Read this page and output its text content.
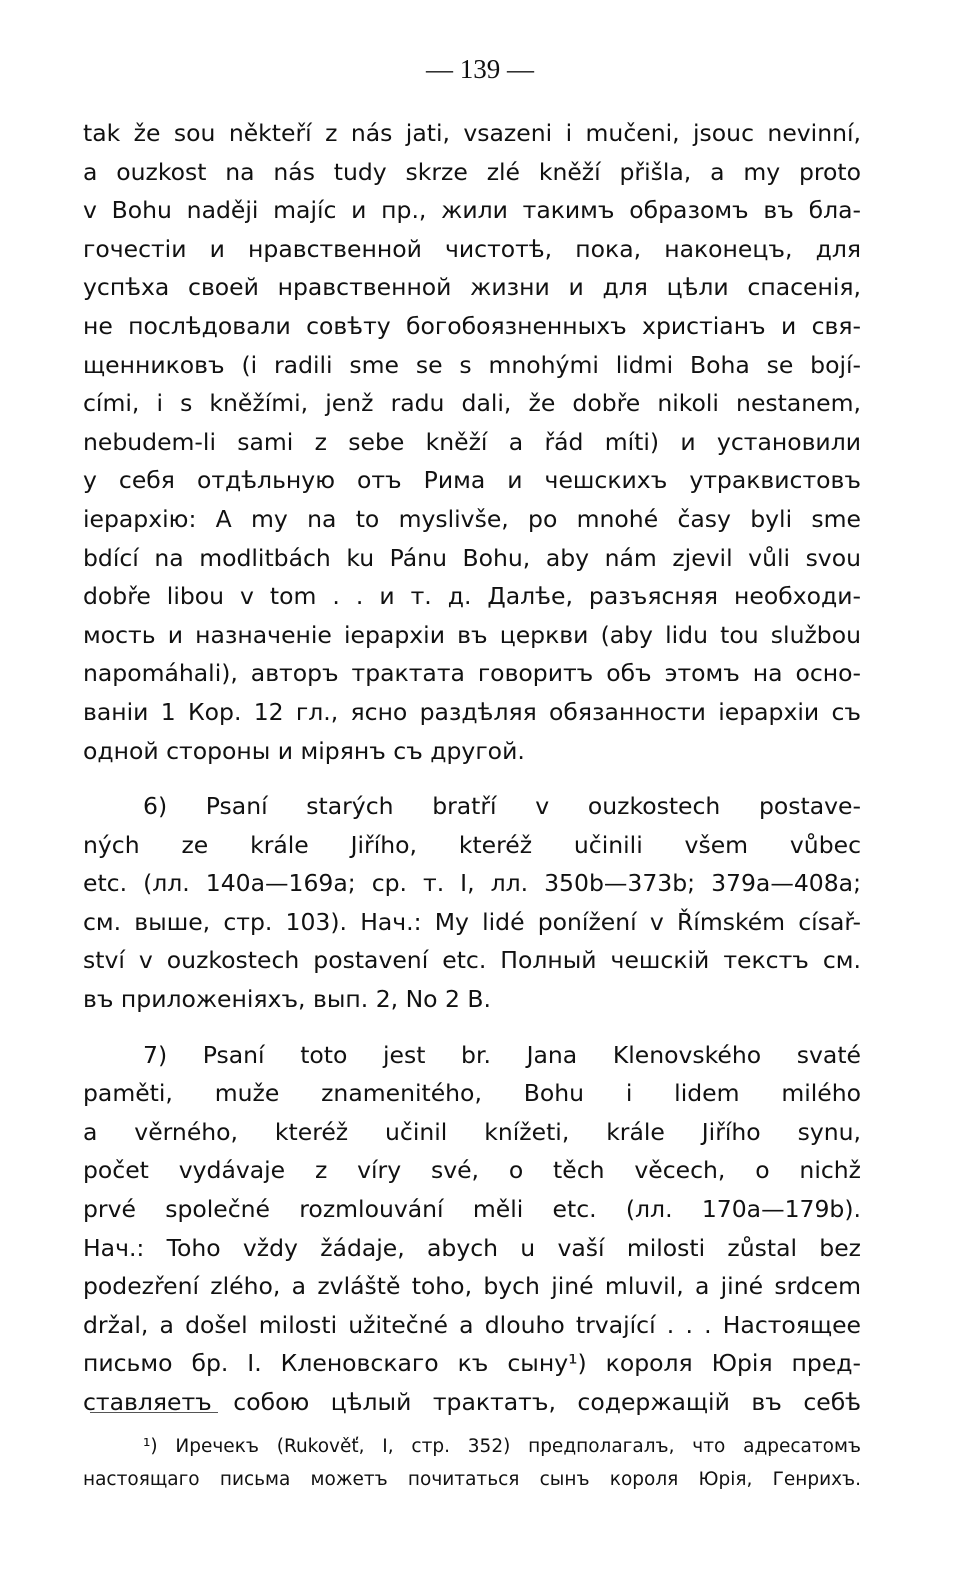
— 139 —
tak že sou někteří z nás jati, vsazeni i mučeni, jsouc nevinní,
a ouzkost na nás tudy skrze zlé kněží přišla, a my proto
v Bohu naději majíc и пр., жили такимъ образомъ въ бла-
гочестіи и нравственной чистотѣ, пока, наконецъ, для
успѣха своей нравственной жизни и для цѣли спасенія,
не послѣдовали совѣту богобоязненныхъ христіанъ и свя-
щенниковъ (i radili sme se s mnohými lidmi Boha se bojí-
cími, i s kněžími, jenž radu dali, že dobře nikoli nestanem,
nebudem-li sami z sebe kněží a řád míti) и установили
у себя отдѣльную отъ Рима и чешскихъ утраквистовъ
іерархію: A my na to myslivše, po mnohé časy byli sme
bdící na modlitbách ku Pánu Bohu, aby nám zjevil vůli svou
dobře libou v tom . . и т. д. Далѣе, разъясняя необходи-
мость и назначеніе іерархіи въ церкви (aby lidu tou službou
napomáhali), авторъ трактата говоритъ объ этомъ на осно-
ваніи 1 Кор. 12 гл., ясно раздѣляя обязанности іерархіи съ
одной стороны и мірянъ съ другой.
6) Psaní starých bratří v ouzkostech postave-
ných ze krále Jiřího, kteréž učinili všem vůbec
etc. (лл. 140a—169a; ср. т. I, лл. 350b—373b; 379a—408a;
см. выше, стр. 103). Нач.: My lidé ponížení v Římském císař-
ství v ouzkostech postavení etc. Полный чешскій текстъ см.
въ приложеніяхъ, вып. 2, No 2 B.
7) Psaní toto jest br. Jana Klenovského svaté
paměti, muže znamenitého, Bohu i lidem milého
a věrného, kteréž učinil knížeti, krále Jiřího synu,
počet vydávaje z víry své, o těch věcech, o nichž
prvé společné rozmlouvání měli etc. (лл. 170a—179b).
Нач.: Toho vždy žádaje, abych u vaší milosti zůstal bez
podezření zlého, a zvláště toho, bych jiné mluvil, a jiné srdcem
držal, a došel milosti užitečné a dlouho trvající . . . Настоящее
письмо бр. I. Кленовскаго къ сыну¹) короля Юрія пред-
ставляетъ собою цѣлый трактатъ, содержащій въ себѣ
¹) Иречекъ (Rukověť, I, стр. 352) предполагалъ, что адресатомъ
настоящаго письма можетъ почитаться сынъ короля Юрія, Генрихъ.
